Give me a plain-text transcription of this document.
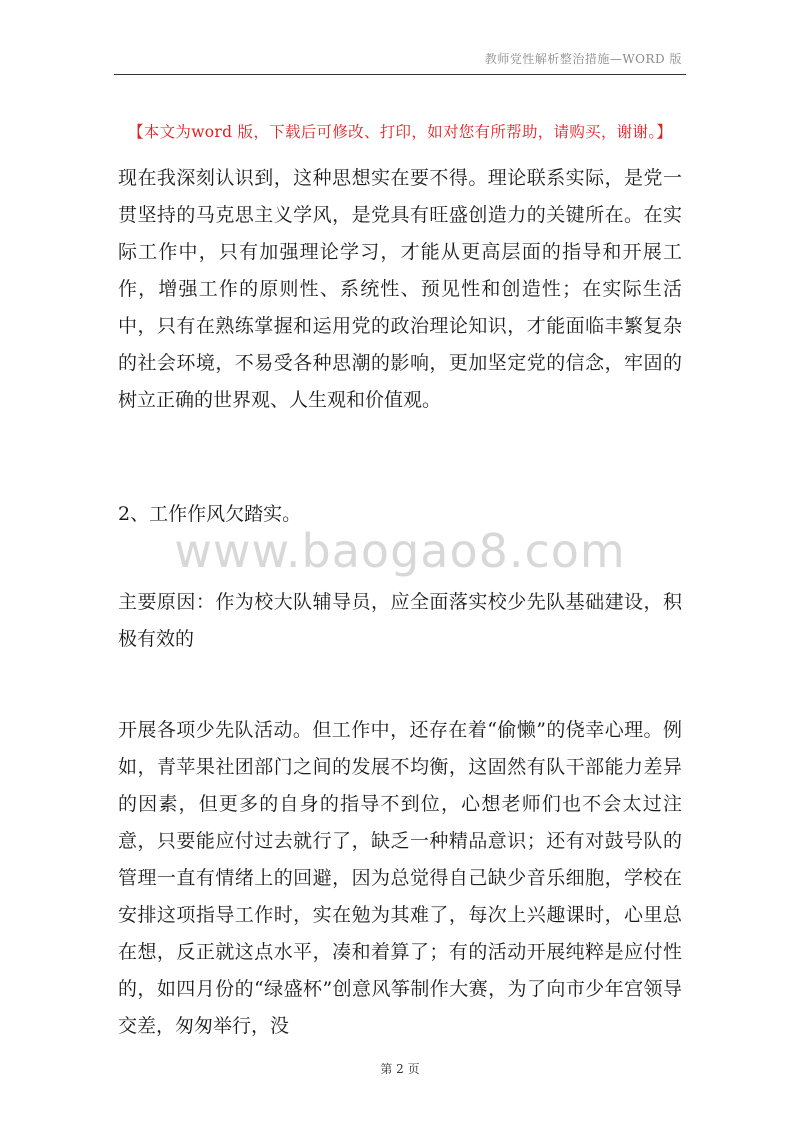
教师党性解析整治措施—WORD 版
【本文为word 版，下载后可修改、打印，如对您有所帮助，请购买，谢谢。】
现在我深刻认识到，这种思想实在要不得。理论联系实际，是党一贯坚持的马克思主义学风，是党具有旺盛创造力的关键所在。在实际工作中，只有加强理论学习，才能从更高层面的指导和开展工作，增强工作的原则性、系统性、预见性和创造性；在实际生活中，只有在熟练掌握和运用党的政治理论知识，才能面临丰繁复杂的社会环境，不易受各种思潮的影响，更加坚定党的信念，牢固的树立正确的世界观、人生观和价值观。
2、工作作风欠踏实。
www.baogao8.com
主要原因：作为校大队辅导员，应全面落实校少先队基础建设，积极有效的
开展各项少先队活动。但工作中，还存在着“偷懒”的侥幸心理。例如，青苹果社团部门之间的发展不均衡，这固然有队干部能力差异的因素，但更多的自身的指导不到位，心想老师们也不会太过注意，只要能应付过去就行了，缺乏一种精品意识；还有对鼓号队的管理一直有情绪上的回避，因为总觉得自己缺少音乐细胞，学校在安排这项指导工作时，实在勉为其难了，每次上兴趣课时，心里总在想，反正就这点水平，凑和着算了；有的活动开展纯粹是应付性的，如四月份的“绿盛杯”创意风筝制作大赛，为了向市少年宫领导交差，匆匆举行，没
第 2 页
